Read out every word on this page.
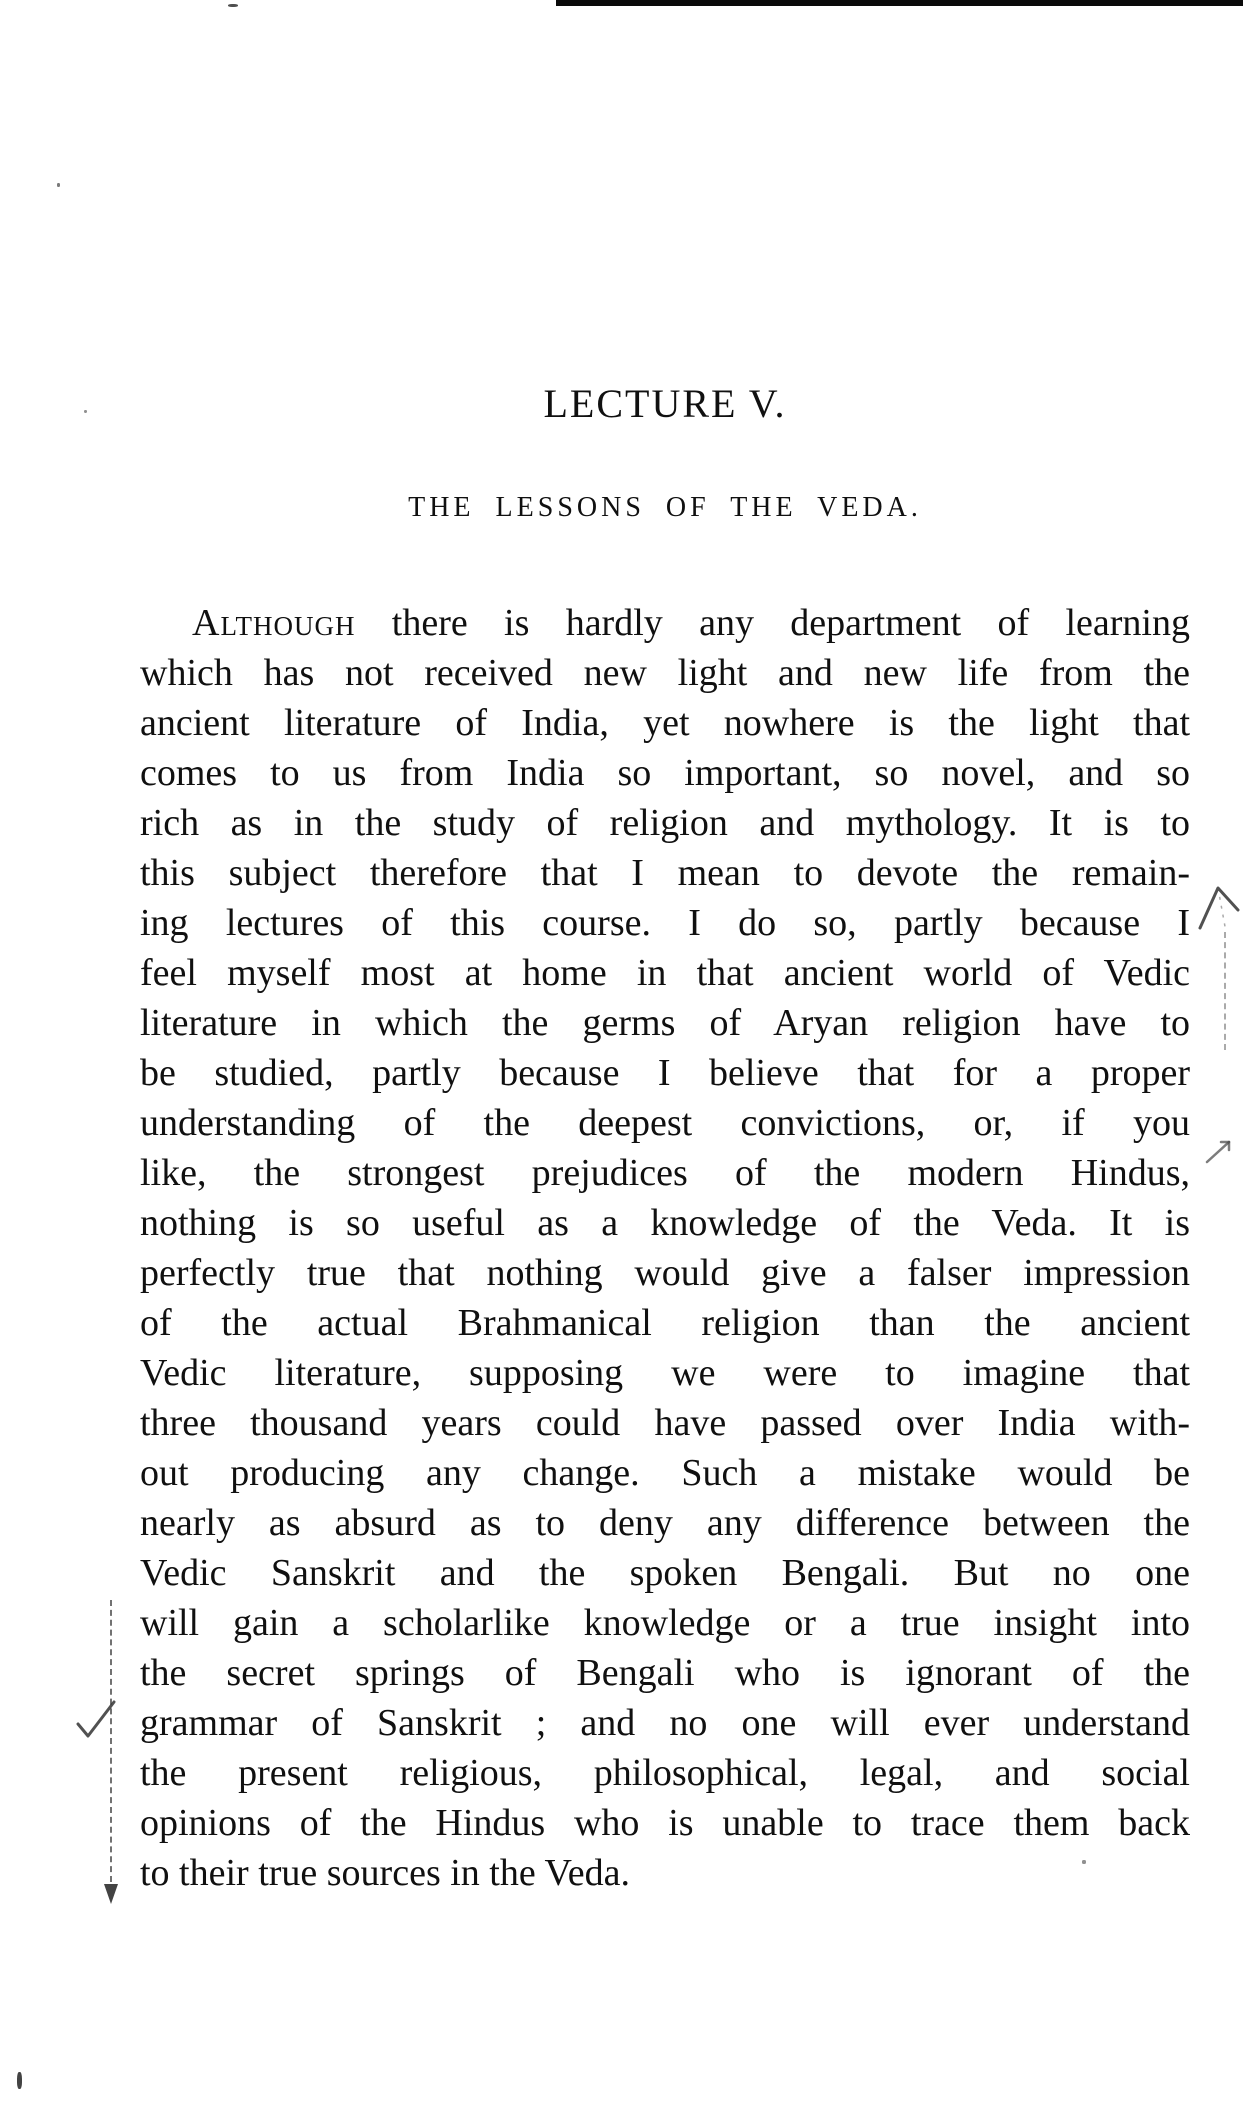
LECTURE V.
THE LESSONS OF THE VEDA.
Although there is hardly any department of learning
which has not received new light and new life from the
ancient literature of India, yet nowhere is the light that
comes to us from India so important, so novel, and so
rich as in the study of religion and mythology. It is to
this subject therefore that I mean to devote the remain-
ing lectures of this course. I do so, partly because I
feel myself most at home in that ancient world of Vedic
literature in which the germs of Aryan religion have to
be studied, partly because I believe that for a proper
understanding of the deepest convictions, or, if you
like, the strongest prejudices of the modern Hindus,
nothing is so useful as a knowledge of the Veda. It is
perfectly true that nothing would give a falser impression
of the actual Brahmanical religion than the ancient
Vedic literature, supposing we were to imagine that
three thousand years could have passed over India with-
out producing any change. Such a mistake would be
nearly as absurd as to deny any difference between the
Vedic Sanskrit and the spoken Bengali. But no one
will gain a scholarlike knowledge or a true insight into
the secret springs of Bengali who is ignorant of the
grammar of Sanskrit ; and no one will ever understand
the present religious, philosophical, legal, and social
opinions of the Hindus who is unable to trace them back
to their true sources in the Veda.
